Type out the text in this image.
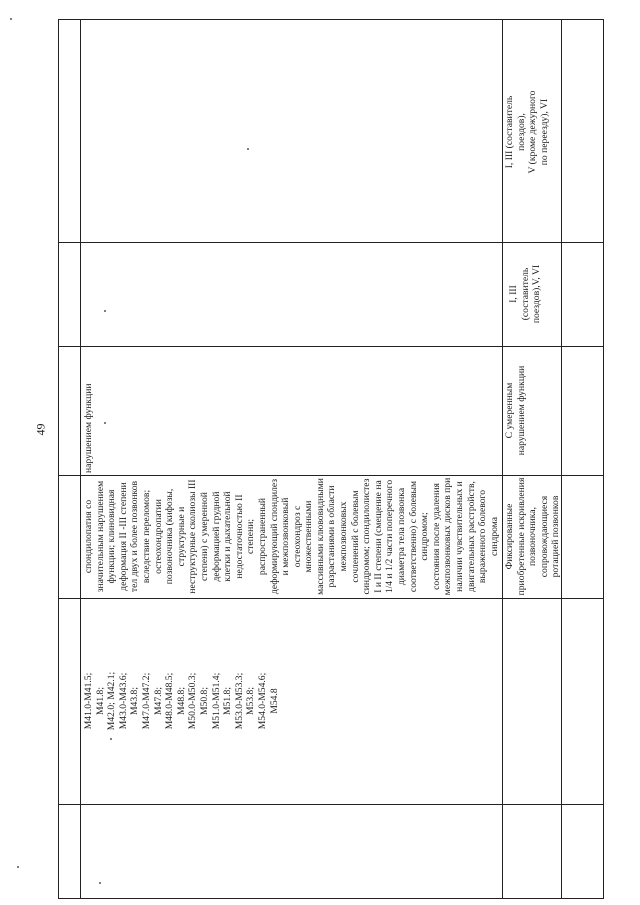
49
M41.0-M41.5;
M41.8;
M42.0; M42.1;
M43.0-M43.6;
M43.8;
M47.0-M47.2;
M47.8;
M48.0-M48.5;
M48.8;
M50.0-M50.3;
M50.8;
M51.0-M51.4;
M51.8;
M53.0-M53.3;
M53.8;
M54.0-M54.6;
M54.8
спондилопатия со
значительным нарушением
функции; клиновидная
деформация II -III степени
тел двух и более позвонков
вследствие переломов;
остеохондропатии
позвоночника (кифозы,
структурные и
неструктурные сколиозы III
степени) с умеренной
деформацией грудной
клетки и дыхательной
недостаточностью II
степени;
распространенный
деформирующий спондилез
и межпозвонковый
остеохондроз с
множественными
массивными клювовидными
разрастаниями в области
межпозвонковых
сочленений с болевым
синдромом; спондилолистез
I и II степени (смещение на
1/4 и 1/2 части поперечного
диаметра тела позвонка
соответственно) с болевым
синдромом;
состояния после удаления
межпозвонковых дисков при
наличии чувствительных и
двигательных расстройств,
выраженного болевого
синдрома
нарушением функции
Фиксированные
приобретенные искривления
позвоночника,
сопровождающиеся
ротацией позвонков
С умеренным
нарушением функции
I, III
(составитель
поездов),V, VI
I, III (составитель
поездов),
V (кроме дежурного
по переезду), VI
